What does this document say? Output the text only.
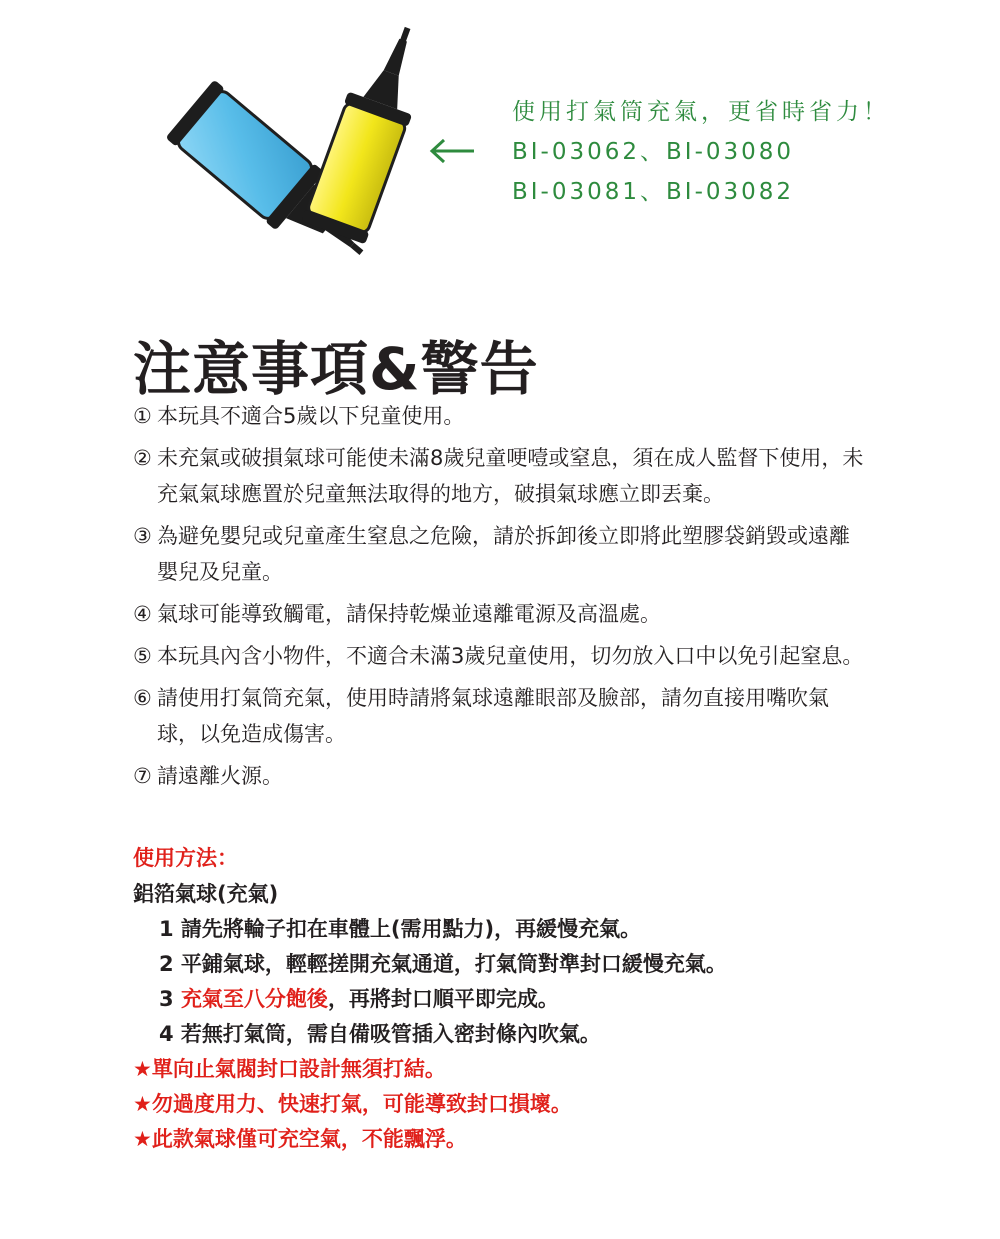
使用打氣筒充氣，更省時省力！
BI-03062、BI-03080
BI-03081、BI-03082
注意事項&警告
① 本玩具不適合5歲以下兒童使用。
② 未充氣或破損氣球可能使未滿8歲兒童哽噎或窒息，須在成人監督下使用，未充氣氣球應置於兒童無法取得的地方，破損氣球應立即丟棄。
③ 為避免嬰兒或兒童產生窒息之危險，請於拆卸後立即將此塑膠袋銷毀或遠離嬰兒及兒童。
④ 氣球可能導致觸電，請保持乾燥並遠離電源及高溫處。
⑤ 本玩具內含小物件，不適合未滿3歲兒童使用，切勿放入口中以免引起窒息。
⑥ 請使用打氣筒充氣，使用時請將氣球遠離眼部及臉部，請勿直接用嘴吹氣球，以免造成傷害。
⑦ 請遠離火源。
使用方法：
鋁箔氣球(充氣)
1 請先將輪子扣在車體上(需用點力)，再緩慢充氣。
2 平鋪氣球，輕輕搓開充氣通道，打氣筒對準封口緩慢充氣。
3 充氣至八分飽後，再將封口順平即完成。
4 若無打氣筒，需自備吸管插入密封條內吹氣。
★單向止氣閥封口設計無須打結。
★勿過度用力、快速打氣，可能導致封口損壞。
★此款氣球僅可充空氣，不能飄浮。
